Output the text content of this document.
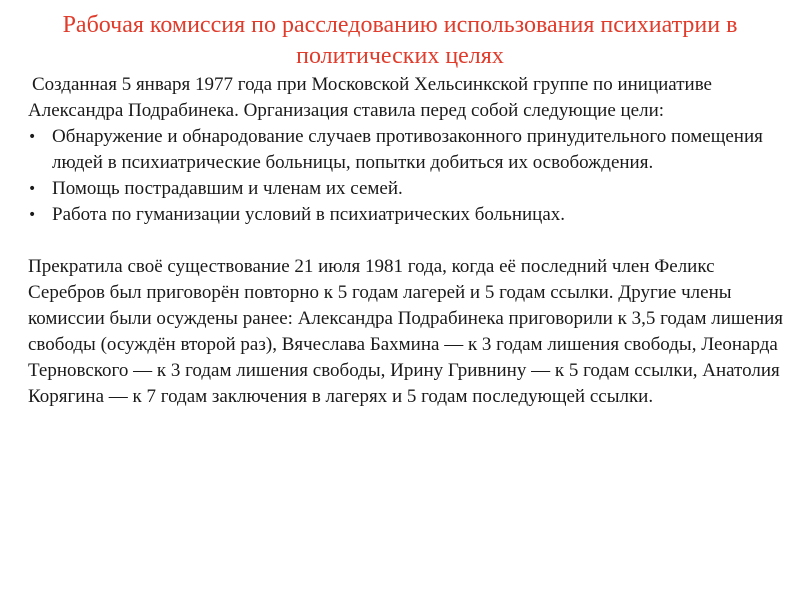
Рабочая комиссия по расследованию использования психиатрии в политических целях

Созданная 5 января 1977 года при Московской Хельсинкской группе по инициативе Александра Подрабинека. Организация ставила перед собой следующие цели:

• Обнаружение и обнародование случаев противозаконного принудительного помещения людей в психиатрические больницы, попытки добиться их освобождения.
• Помощь пострадавшим и членам их семей.
• Работа по гуманизации условий в психиатрических больницах.

Прекратила своё существование 21 июля 1981 года, когда её последний член Феликс Серебров был приговорён повторно к 5 годам лагерей и 5 годам ссылки. Другие члены комиссии были осуждены ранее: Александра Подрабинека приговорили к 3,5 годам лишения свободы (осуждён второй раз), Вячеслава Бахмина — к 3 годам лишения свободы, Леонарда Терновского — к 3 годам лишения свободы, Ирину Гривнину — к 5 годам ссылки, Анатолия Корягина — к 7 годам заключения в лагерях и 5 годам последующей ссылки.
